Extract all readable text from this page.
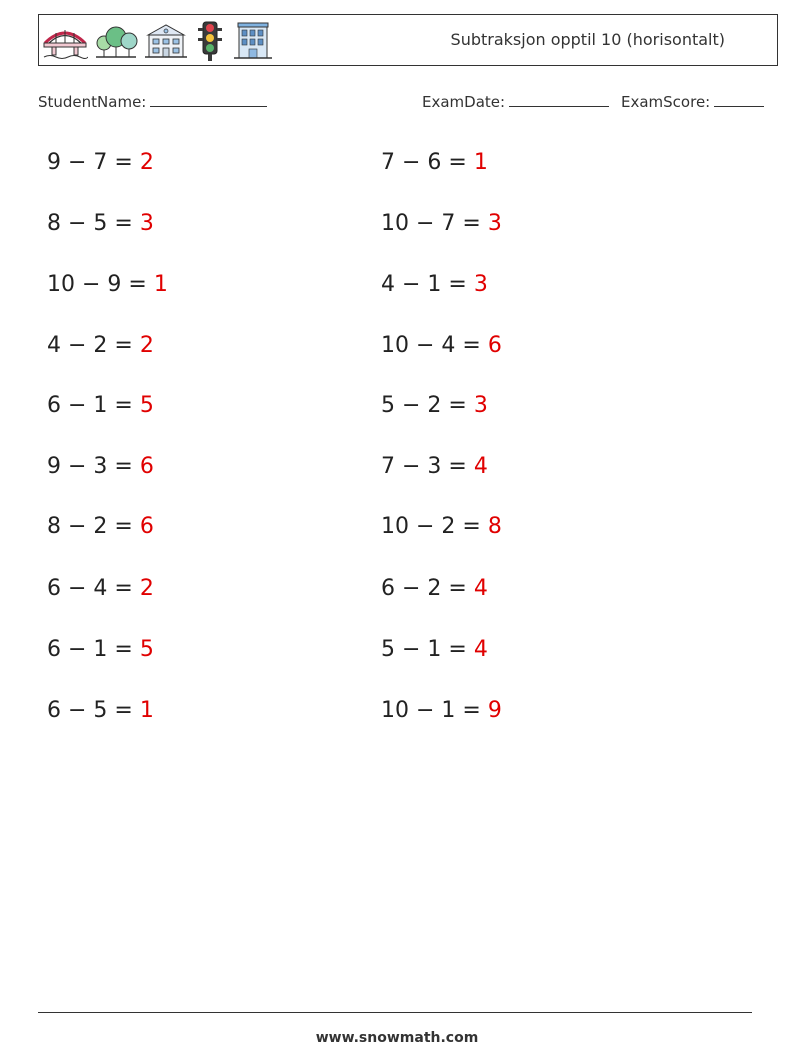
Subtraksjon opptil 10 (horisontalt)
StudentName:	ExamDate:	ExamScore:
9 − 7 = 2
8 − 5 = 3
10 − 9 = 1
4 − 2 = 2
6 − 1 = 5
9 − 3 = 6
8 − 2 = 6
6 − 4 = 2
6 − 1 = 5
6 − 5 = 1
7 − 6 = 1
10 − 7 = 3
4 − 1 = 3
10 − 4 = 6
5 − 2 = 3
7 − 3 = 4
10 − 2 = 8
6 − 2 = 4
5 − 1 = 4
10 − 1 = 9
www.snowmath.com
